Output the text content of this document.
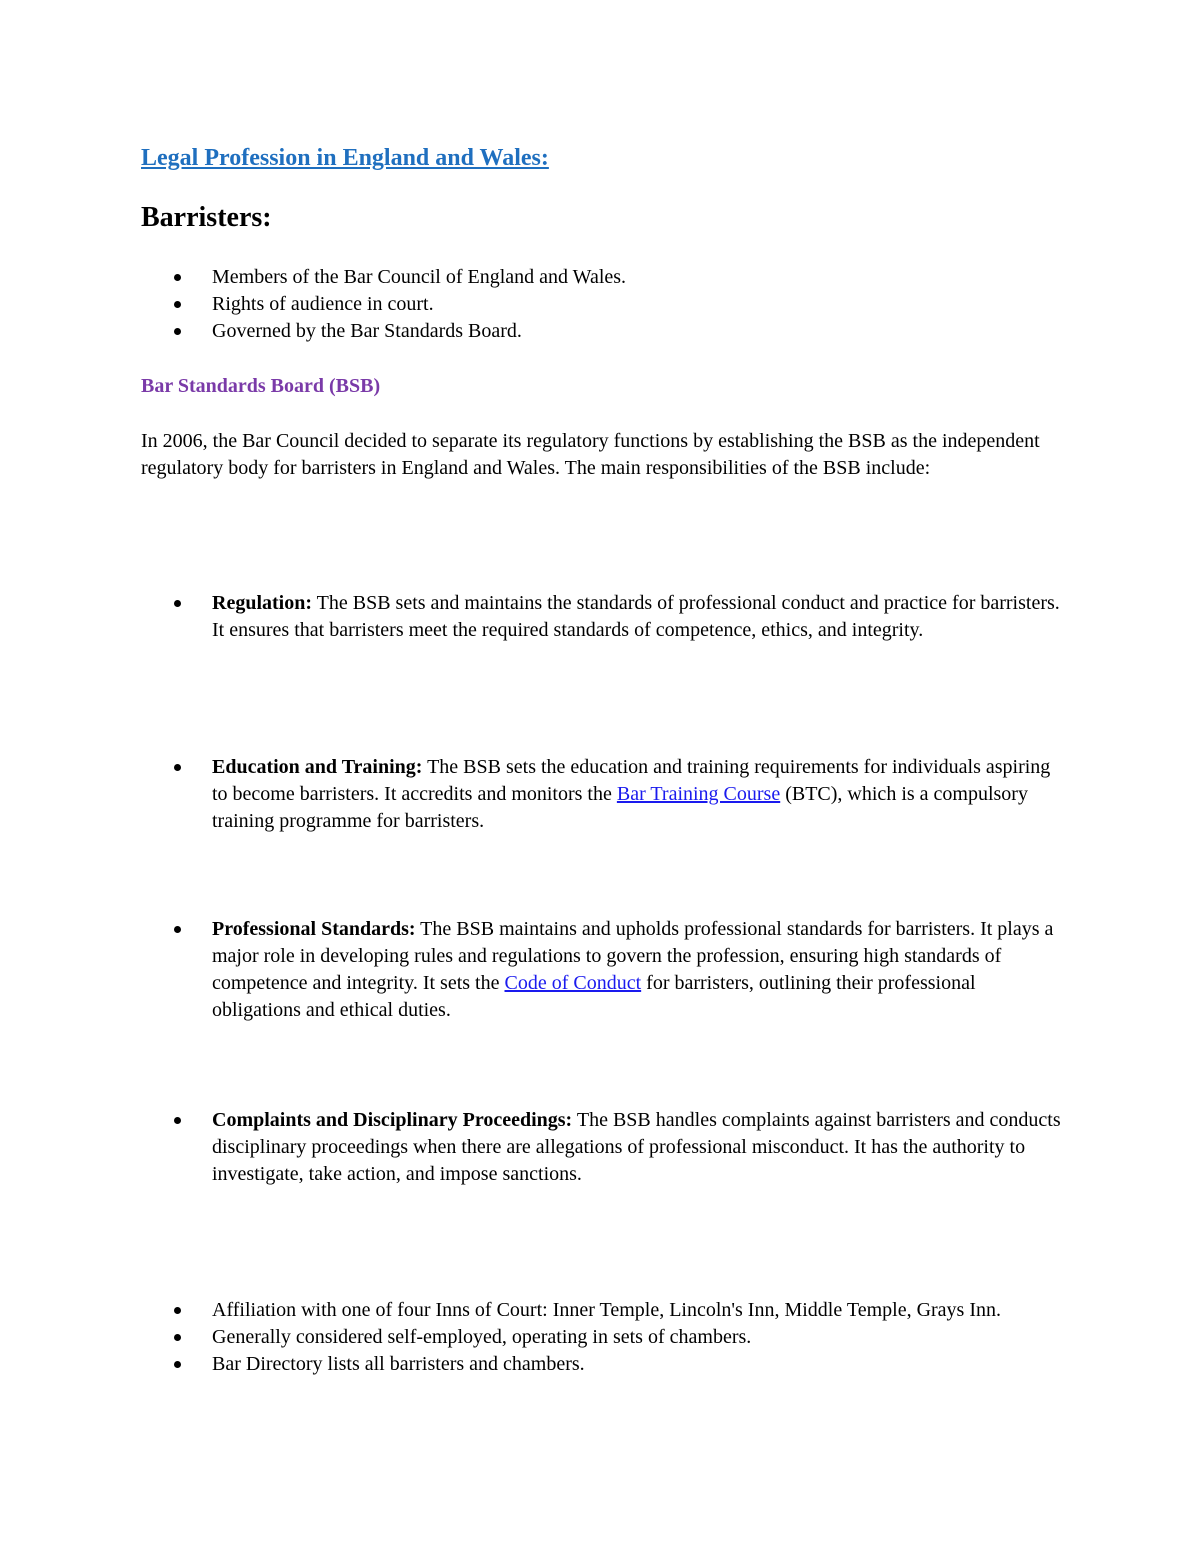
Legal Profession in England and Wales:
Barristers:
Members of the Bar Council of England and Wales.
Rights of audience in court.
Governed by the Bar Standards Board.
Bar Standards Board (BSB)

In 2006, the Bar Council decided to separate its regulatory functions by establishing the BSB as the independent regulatory body for barristers in England and Wales. The main responsibilities of the BSB include:

Regulation: The BSB sets and maintains the standards of professional conduct and practice for barristers. It ensures that barristers meet the required standards of competence, ethics, and integrity.
Education and Training: The BSB sets the education and training requirements for individuals aspiring to become barristers. It accredits and monitors the Bar Training Course (BTC), which is a compulsory training programme for barristers.
Professional Standards: The BSB maintains and upholds professional standards for barristers. It plays a major role in developing rules and regulations to govern the profession, ensuring high standards of competence and integrity. It sets the Code of Conduct for barristers, outlining their professional obligations and ethical duties.
Complaints and Disciplinary Proceedings: The BSB handles complaints against barristers and conducts disciplinary proceedings when there are allegations of professional misconduct. It has the authority to investigate, take action, and impose sanctions.
Affiliation with one of four Inns of Court: Inner Temple, Lincoln's Inn, Middle Temple, Grays Inn.
Generally considered self-employed, operating in sets of chambers.
Bar Directory lists all barristers and chambers.
